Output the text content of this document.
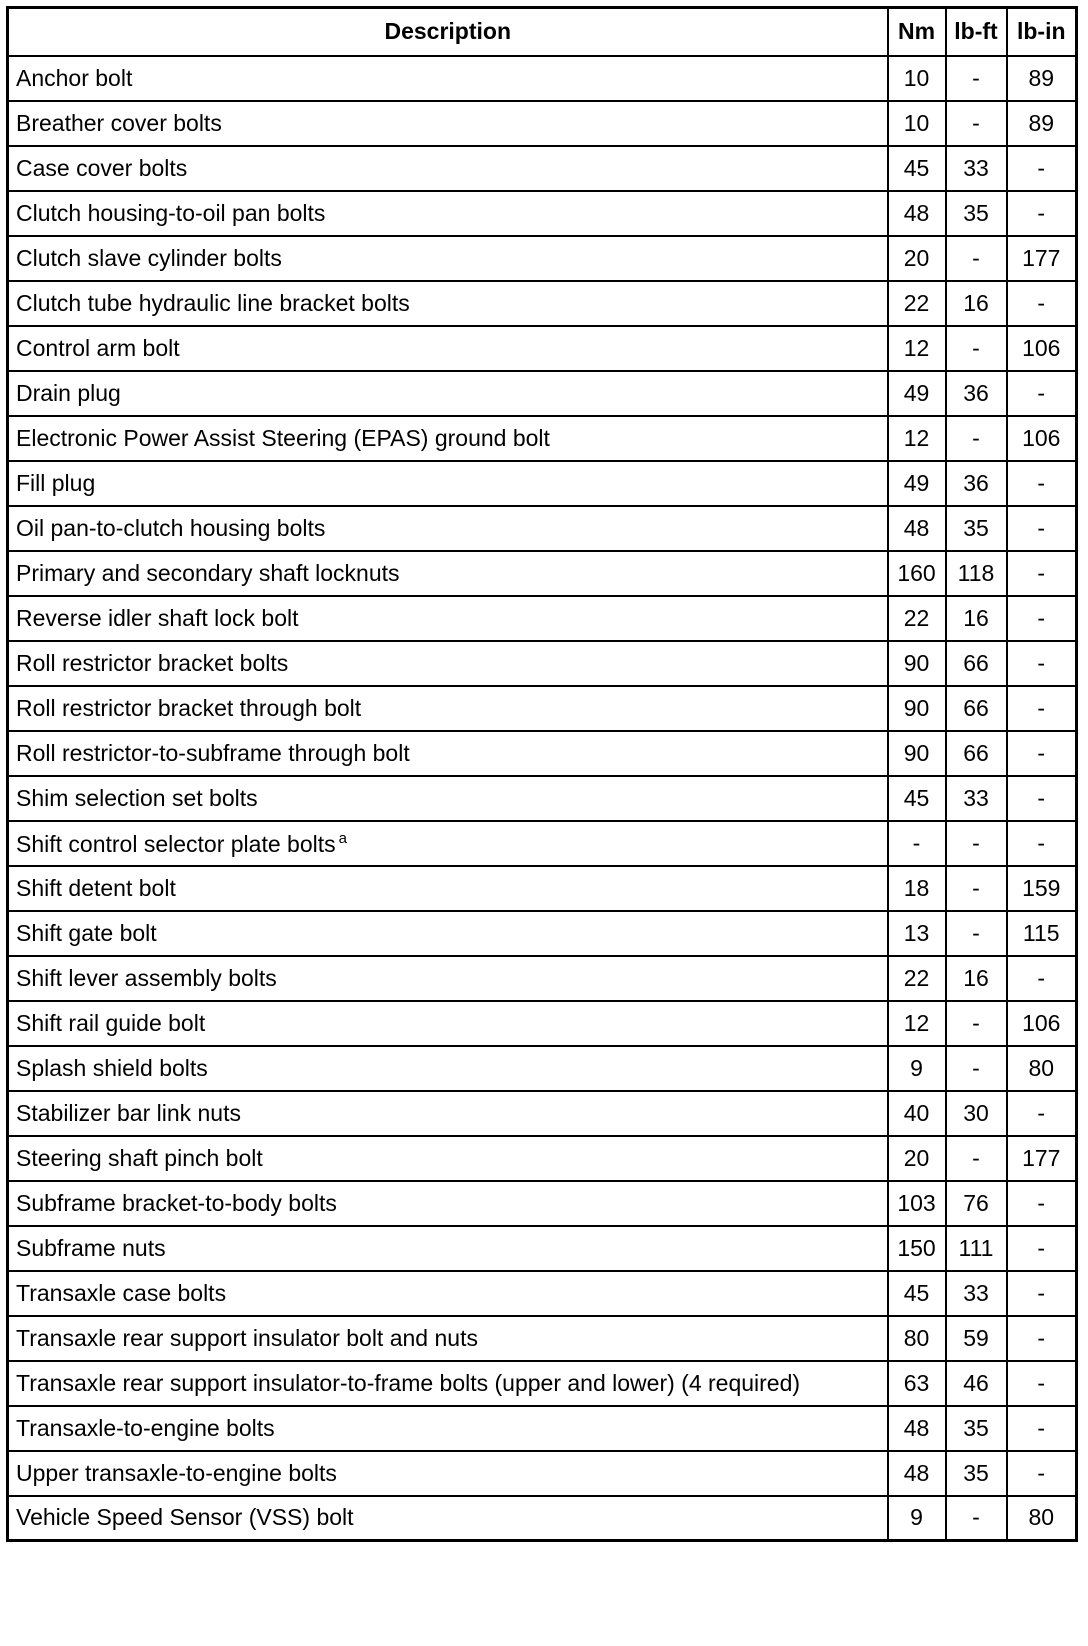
Description	Nm	lb-ft	lb-in
Anchor bolt	10	-	89
Breather cover bolts	10	-	89
Case cover bolts	45	33	-
Clutch housing-to-oil pan bolts	48	35	-
Clutch slave cylinder bolts	20	-	177
Clutch tube hydraulic line bracket bolts	22	16	-
Control arm bolt	12	-	106
Drain plug	49	36	-
Electronic Power Assist Steering (EPAS) ground bolt	12	-	106
Fill plug	49	36	-
Oil pan-to-clutch housing bolts	48	35	-
Primary and secondary shaft locknuts	160	118	-
Reverse idler shaft lock bolt	22	16	-
Roll restrictor bracket bolts	90	66	-
Roll restrictor bracket through bolt	90	66	-
Roll restrictor-to-subframe through bolt	90	66	-
Shim selection set bolts	45	33	-
Shift control selector plate bolts $^a$	-	-	-
Shift detent bolt	18	-	159
Shift gate bolt	13	-	115
Shift lever assembly bolts	22	16	-
Shift rail guide bolt	12	-	106
Splash shield bolts	9	-	80
Stabilizer bar link nuts	40	30	-
Steering shaft pinch bolt	20	-	177
Subframe bracket-to-body bolts	103	76	-
Subframe nuts	150	111	-
Transaxle case bolts	45	33	-
Transaxle rear support insulator bolt and nuts	80	59	-
Transaxle rear support insulator-to-frame bolts (upper and lower) (4 required)	63	46	-
Transaxle-to-engine bolts	48	35	-
Upper transaxle-to-engine bolts	48	35	-
Vehicle Speed Sensor (VSS) bolt	9	-	80
